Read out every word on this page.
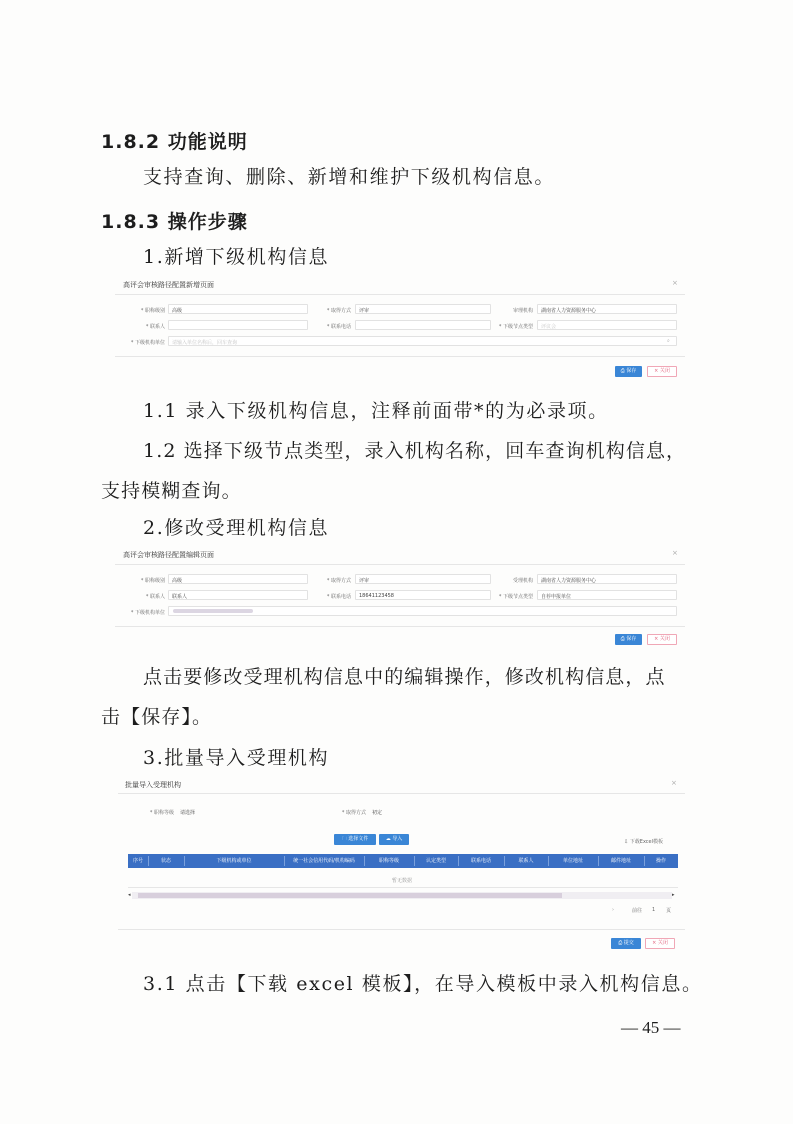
1.8.2 功能说明
支持查询、删除、新增和维护下级机构信息。
1.8.3 操作步骤
1.新增下级机构信息
高评会审核路径配置新增页面	×
* 职称级别 高级	* 取得方式 评审	审理机构 湖南省人力资源服务中心
* 联系人	* 联系电话	* 下级节点类型 评议会
* 下级机构单位 请输入单位名称后，回车查询	⌕
⎙ 保存	× 关闭
1.1 录入下级机构信息，注释前面带*的为必录项。
1.2 选择下级节点类型，录入机构名称，回车查询机构信息，
支持模糊查询。
2.修改受理机构信息
高评会审核路径配置编辑页面	×
* 职称级别 高级	* 取得方式 评审	受理机构 湖南省人力资源服务中心
* 联系人 联系人	* 联系电话 18641123458	* 下级节点类型 自荐申报单位
* 下级机构单位
⎙ 保存	× 关闭
点击要修改受理机构信息中的编辑操作，修改机构信息，点
击【保存】。
3.批量导入受理机构
批量导入受理机构	×
* 职称等级 请选择	* 取得方式 初定
🗀 选择文件	☁ 导入	⇩ 下载Excel模板
序号	状态	下级机构或单位	统一社会信用代码/机构编码	职称等级	认定类型	联系电话	联系人	单位地址	邮件地址	操作
暂无数据
◂	▸
›	前往 1 页
⎙ 提交	× 关闭
3.1 点击【下载 excel 模板】，在导入模板中录入机构信息。
— 45 —
